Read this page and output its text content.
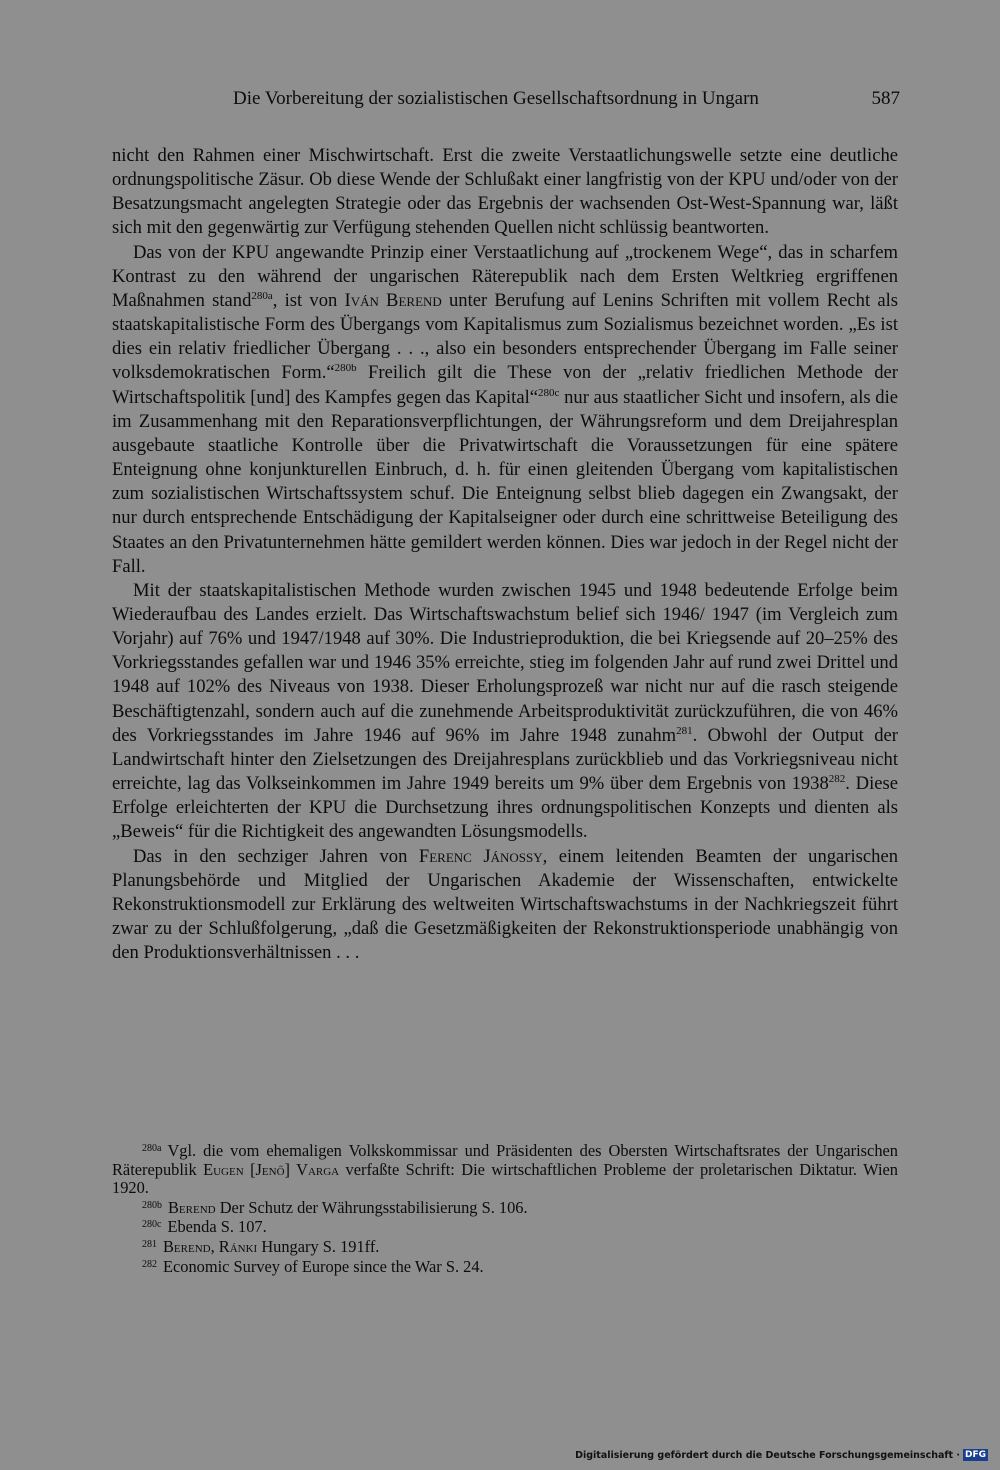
Die Vorbereitung der sozialistischen Gesellschaftsordnung in Ungarn	587

nicht den Rahmen einer Mischwirtschaft. Erst die zweite Verstaatlichungswelle setzte eine deutliche ordnungspolitische Zäsur. Ob diese Wende der Schlußakt einer langfristig von der KPU und/oder von der Besatzungsmacht angelegten Strategie oder das Ergebnis der wachsenden Ost-West-Spannung war, läßt sich mit den gegenwärtig zur Verfügung stehenden Quellen nicht schlüssig beantworten.

Das von der KPU angewandte Prinzip einer Verstaatlichung auf „trockenem Wege“, das in scharfem Kontrast zu den während der ungarischen Räterepublik nach dem Ersten Weltkrieg ergriffenen Maßnahmen stand$^{280a}$, ist von Iván Berend unter Berufung auf Lenins Schriften mit vollem Recht als staatskapitalistische Form des Übergangs vom Kapitalismus zum Sozialismus bezeichnet worden. „Es ist dies ein relativ friedlicher Übergang . . ., also ein besonders entsprechender Übergang im Falle seiner volksdemokratischen Form.“$^{280b}$ Freilich gilt die These von der „relativ friedlichen Methode der Wirtschaftspolitik [und] des Kampfes gegen das Kapital“$^{280c}$ nur aus staatlicher Sicht und insofern, als die im Zusammenhang mit den Reparationsverpflichtungen, der Währungsreform und dem Dreijahresplan ausgebaute staatliche Kontrolle über die Privatwirtschaft die Voraussetzungen für eine spätere Enteignung ohne konjunkturellen Einbruch, d. h. für einen gleitenden Übergang vom kapitalistischen zum sozialistischen Wirtschaftssystem schuf. Die Enteignung selbst blieb dagegen ein Zwangsakt, der nur durch entsprechende Entschädigung der Kapitalseigner oder durch eine schrittweise Beteiligung des Staates an den Privatunternehmen hätte gemildert werden können. Dies war jedoch in der Regel nicht der Fall.

Mit der staatskapitalistischen Methode wurden zwischen 1945 und 1948 bedeutende Erfolge beim Wiederaufbau des Landes erzielt. Das Wirtschaftswachstum belief sich 1946/ 1947 (im Vergleich zum Vorjahr) auf 76% und 1947/1948 auf 30%. Die Industrieproduktion, die bei Kriegsende auf 20–25% des Vorkriegsstandes gefallen war und 1946 35% erreichte, stieg im folgenden Jahr auf rund zwei Drittel und 1948 auf 102% des Niveaus von 1938. Dieser Erholungsprozeß war nicht nur auf die rasch steigende Beschäftigtenzahl, sondern auch auf die zunehmende Arbeitsproduktivität zurückzuführen, die von 46% des Vorkriegsstandes im Jahre 1946 auf 96% im Jahre 1948 zunahm$^{281}$. Obwohl der Output der Landwirtschaft hinter den Zielsetzungen des Dreijahresplans zurückblieb und das Vorkriegsniveau nicht erreichte, lag das Volkseinkommen im Jahre 1949 bereits um 9% über dem Ergebnis von 1938$^{282}$. Diese Erfolge erleichterten der KPU die Durchsetzung ihres ordnungspolitischen Konzepts und dienten als „Beweis“ für die Richtigkeit des angewandten Lösungsmodells.

Das in den sechziger Jahren von Ferenc Jánossy, einem leitenden Beamten der ungarischen Planungsbehörde und Mitglied der Ungarischen Akademie der Wissenschaften, entwickelte Rekonstruktionsmodell zur Erklärung des weltweiten Wirtschaftswachstums in der Nachkriegszeit führt zwar zu der Schlußfolgerung, „daß die Gesetzmäßigkeiten der Rekonstruktionsperiode unabhängig von den Produktionsverhältnissen . . .

$^{280a}$ Vgl. die vom ehemaligen Volkskommissar und Präsidenten des Obersten Wirtschaftsrates der Ungarischen Räterepublik Eugen [Jenő] Varga verfaßte Schrift: Die wirtschaftlichen Probleme der proletarischen Diktatur. Wien 1920.

$^{280b}$ Berend Der Schutz der Währungsstabilisierung S. 106.

$^{280c}$ Ebenda S. 107.

$^{281}$ Berend, Ránki Hungary S. 191ff.

$^{282}$ Economic Survey of Europe since the War S. 24.

Digitalisierung gefördert durch die Deutsche Forschungsgemeinschaft · DFG
